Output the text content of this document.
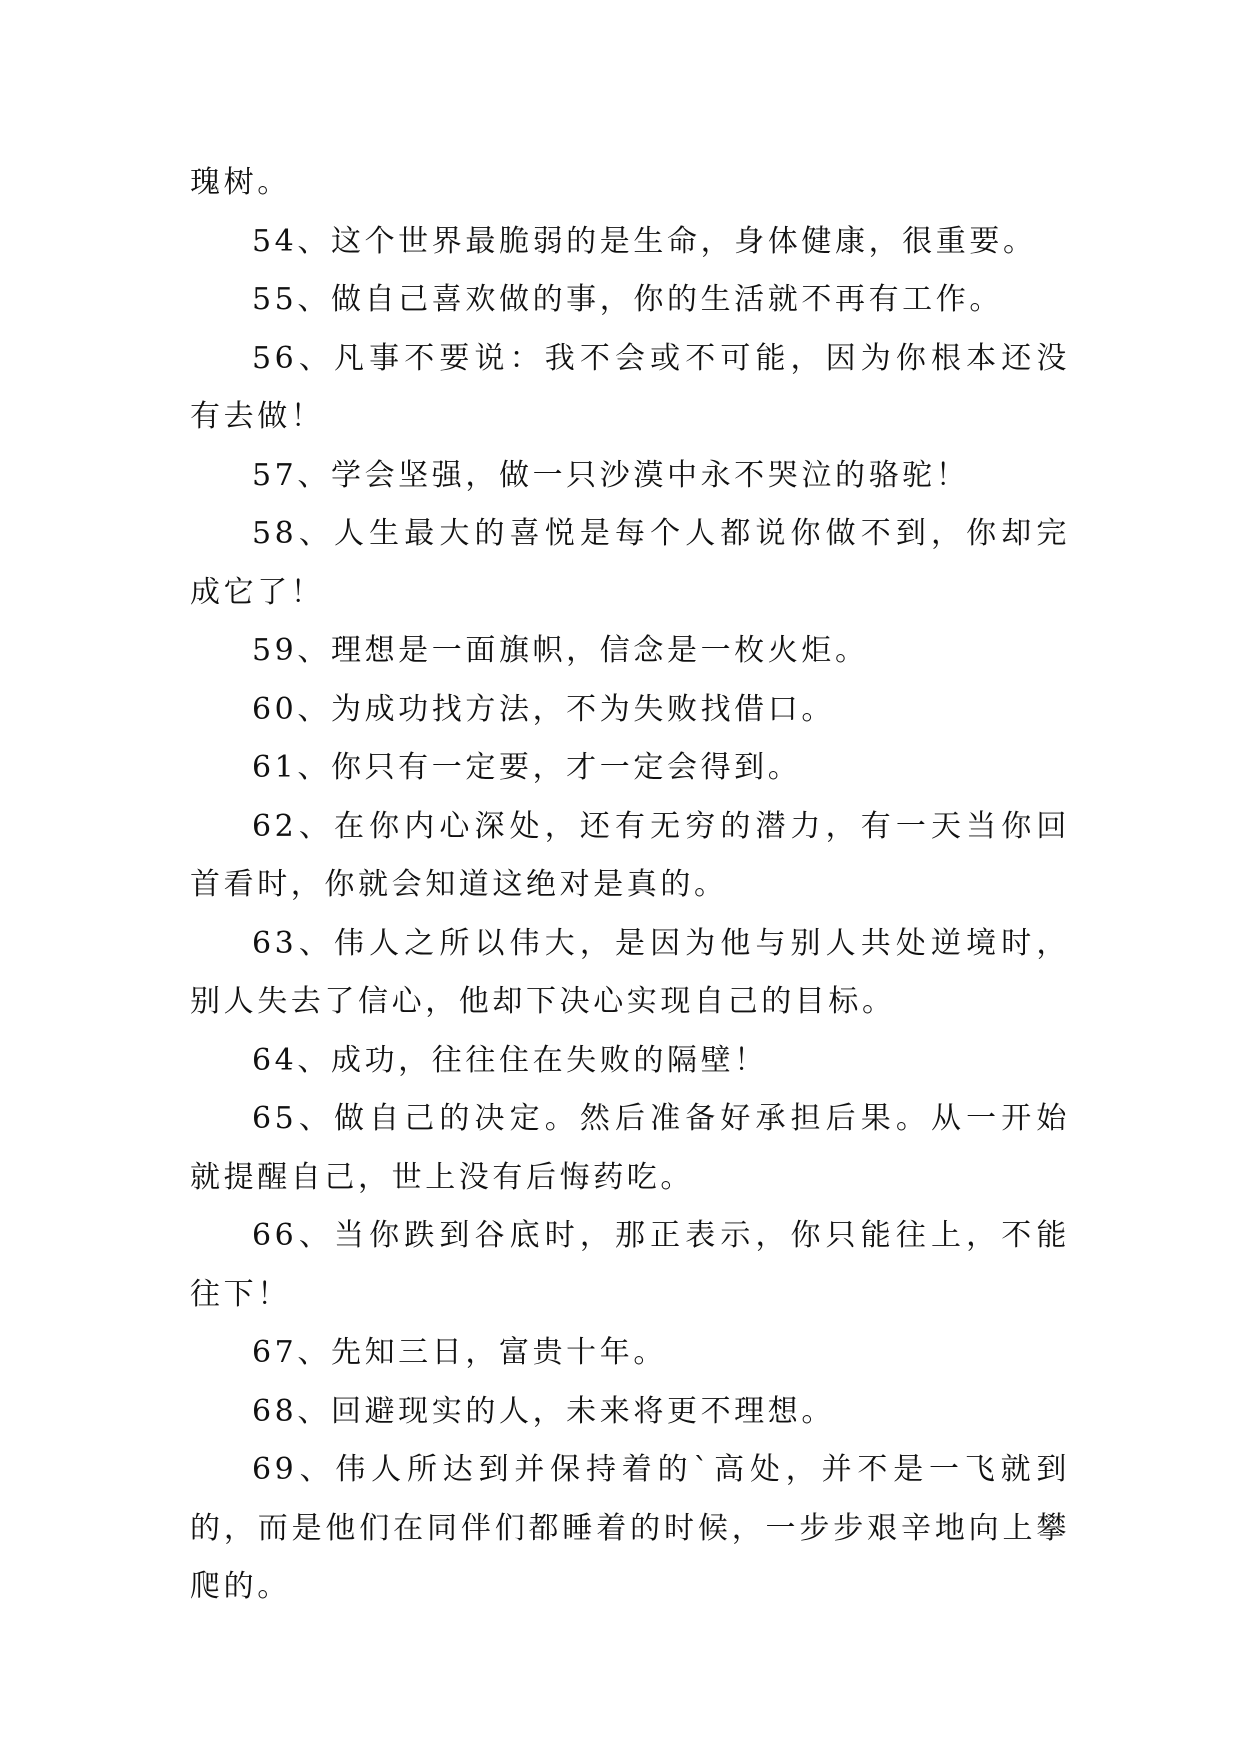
瑰树。

54、这个世界最脆弱的是生命，身体健康，很重要。

55、做自己喜欢做的事，你的生活就不再有工作。

56、凡事不要说：我不会或不可能，因为你根本还没有去做！

57、学会坚强，做一只沙漠中永不哭泣的骆驼！

58、人生最大的喜悦是每个人都说你做不到，你却完成它了！

59、理想是一面旗帜，信念是一枚火炬。

60、为成功找方法，不为失败找借口。

61、你只有一定要，才一定会得到。

62、在你内心深处，还有无穷的潜力，有一天当你回首看时，你就会知道这绝对是真的。

63、伟人之所以伟大，是因为他与别人共处逆境时，别人失去了信心，他却下决心实现自己的目标。

64、成功，往往住在失败的隔壁！

65、做自己的决定。然后准备好承担后果。从一开始就提醒自己，世上没有后悔药吃。

66、当你跌到谷底时，那正表示，你只能往上，不能往下！

67、先知三日，富贵十年。

68、回避现实的人，未来将更不理想。

69、伟人所达到并保持着的`高处，并不是一飞就到的，而是他们在同伴们都睡着的时候，一步步艰辛地向上攀爬的。
